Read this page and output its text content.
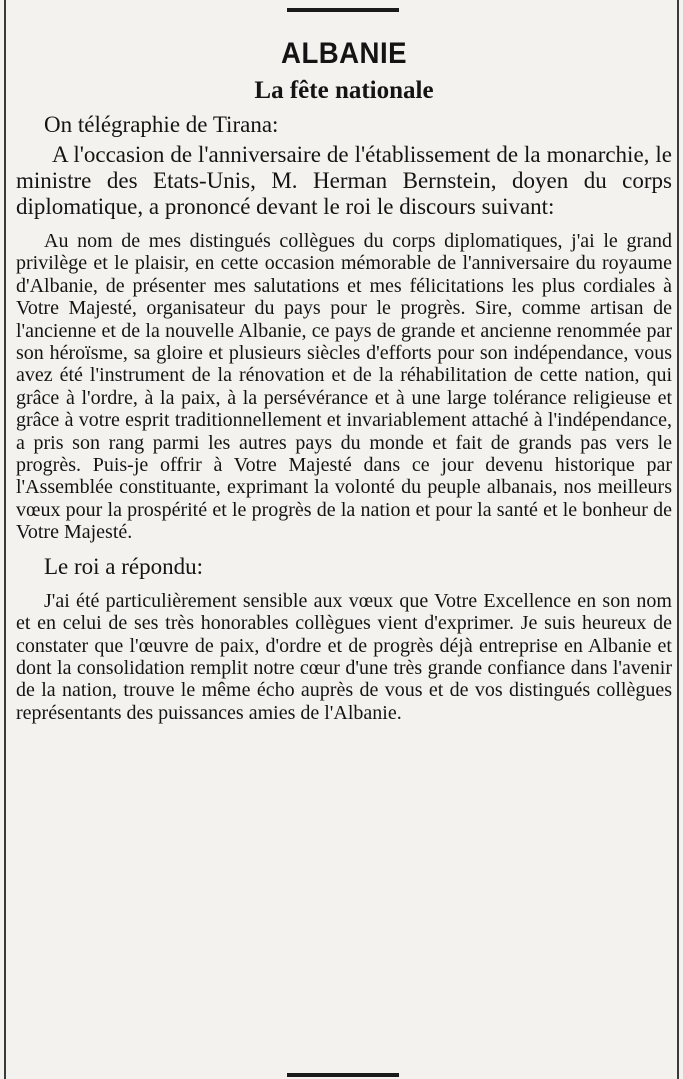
ALBANIE
La fête nationale

On télégraphie de Tirana:

A l'occasion de l'anniversaire de l'établissement de la monarchie, le ministre des Etats-Unis, M. Herman Bernstein, doyen du corps diplomatique, a prononcé devant le roi le discours suivant:

Au nom de mes distingués collègues du corps diplomatiques, j'ai le grand privilège et le plaisir, en cette occasion mémorable de l'anniversaire du royaume d'Albanie, de présenter mes salutations et mes félicitations les plus cordiales à Votre Majesté, organisateur du pays pour le progrès. Sire, comme artisan de l'ancienne et de la nouvelle Albanie, ce pays de grande et ancienne renommée par son héroïsme, sa gloire et plusieurs siècles d'efforts pour son indépendance, vous avez été l'instrument de la rénovation et de la réhabilitation de cette nation, qui grâce à l'ordre, à la paix, à la persévérance et à une large tolérance religieuse et grâce à votre esprit traditionnellement et invariablement attaché à l'indépendance, a pris son rang parmi les autres pays du monde et fait de grands pas vers le progrès. Puis-je offrir à Votre Majesté dans ce jour devenu historique par l'Assemblée constituante, exprimant la volonté du peuple albanais, nos meilleurs vœux pour la prospérité et le progrès de la nation et pour la santé et le bonheur de Votre Majesté.

Le roi a répondu:

J'ai été particulièrement sensible aux vœux que Votre Excellence en son nom et en celui de ses très honorables collègues vient d'exprimer. Je suis heureux de constater que l'œuvre de paix, d'ordre et de progrès déjà entreprise en Albanie et dont la consolidation remplit notre cœur d'une très grande confiance dans l'avenir de la nation, trouve le même écho auprès de vous et de vos distingués collègues représentants des puissances amies de l'Albanie.
